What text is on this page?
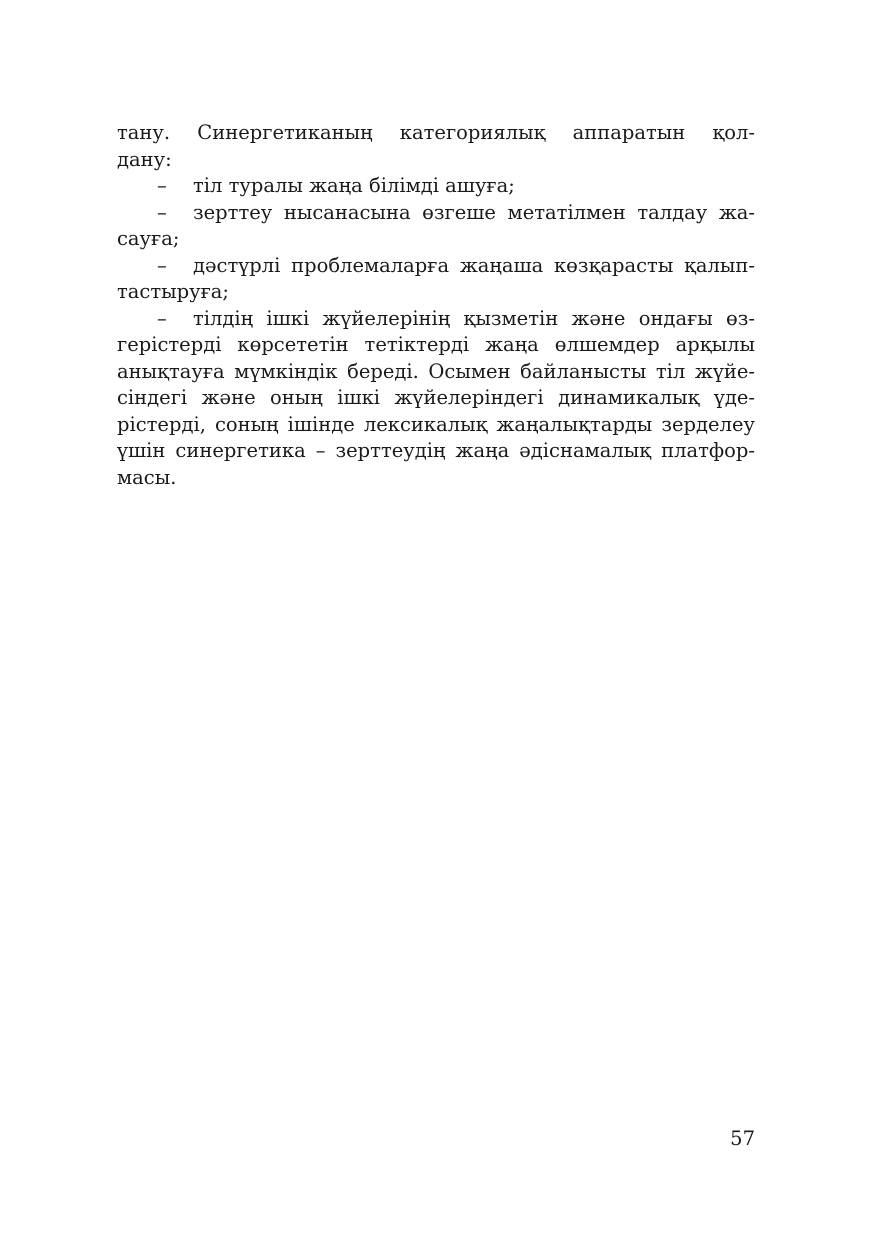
тану. Синергетиканың категориялық аппаратын қол-
дану:
– тіл туралы жаңа білімді ашуға;
– зерттеу нысанасына өзгеше метатілмен талдау жа-
сауға;
– дәстүрлі проблемаларға жаңаша көзқарасты қалып-
тастыруға;
– тілдің ішкі жүйелерінің қызметін және ондағы өз-
герістерді көрсететін тетіктерді жаңа өлшемдер арқылы
анықтауға мүмкіндік береді. Осымен байланысты тіл жүйе-
сіндегі және оның ішкі жүйелеріндегі динамикалық үде-
рістерді, соның ішінде лексикалық жаңалықтарды зерделеу
үшін синергетика – зерттеудің жаңа әдіснамалық платфор-
масы.
57
